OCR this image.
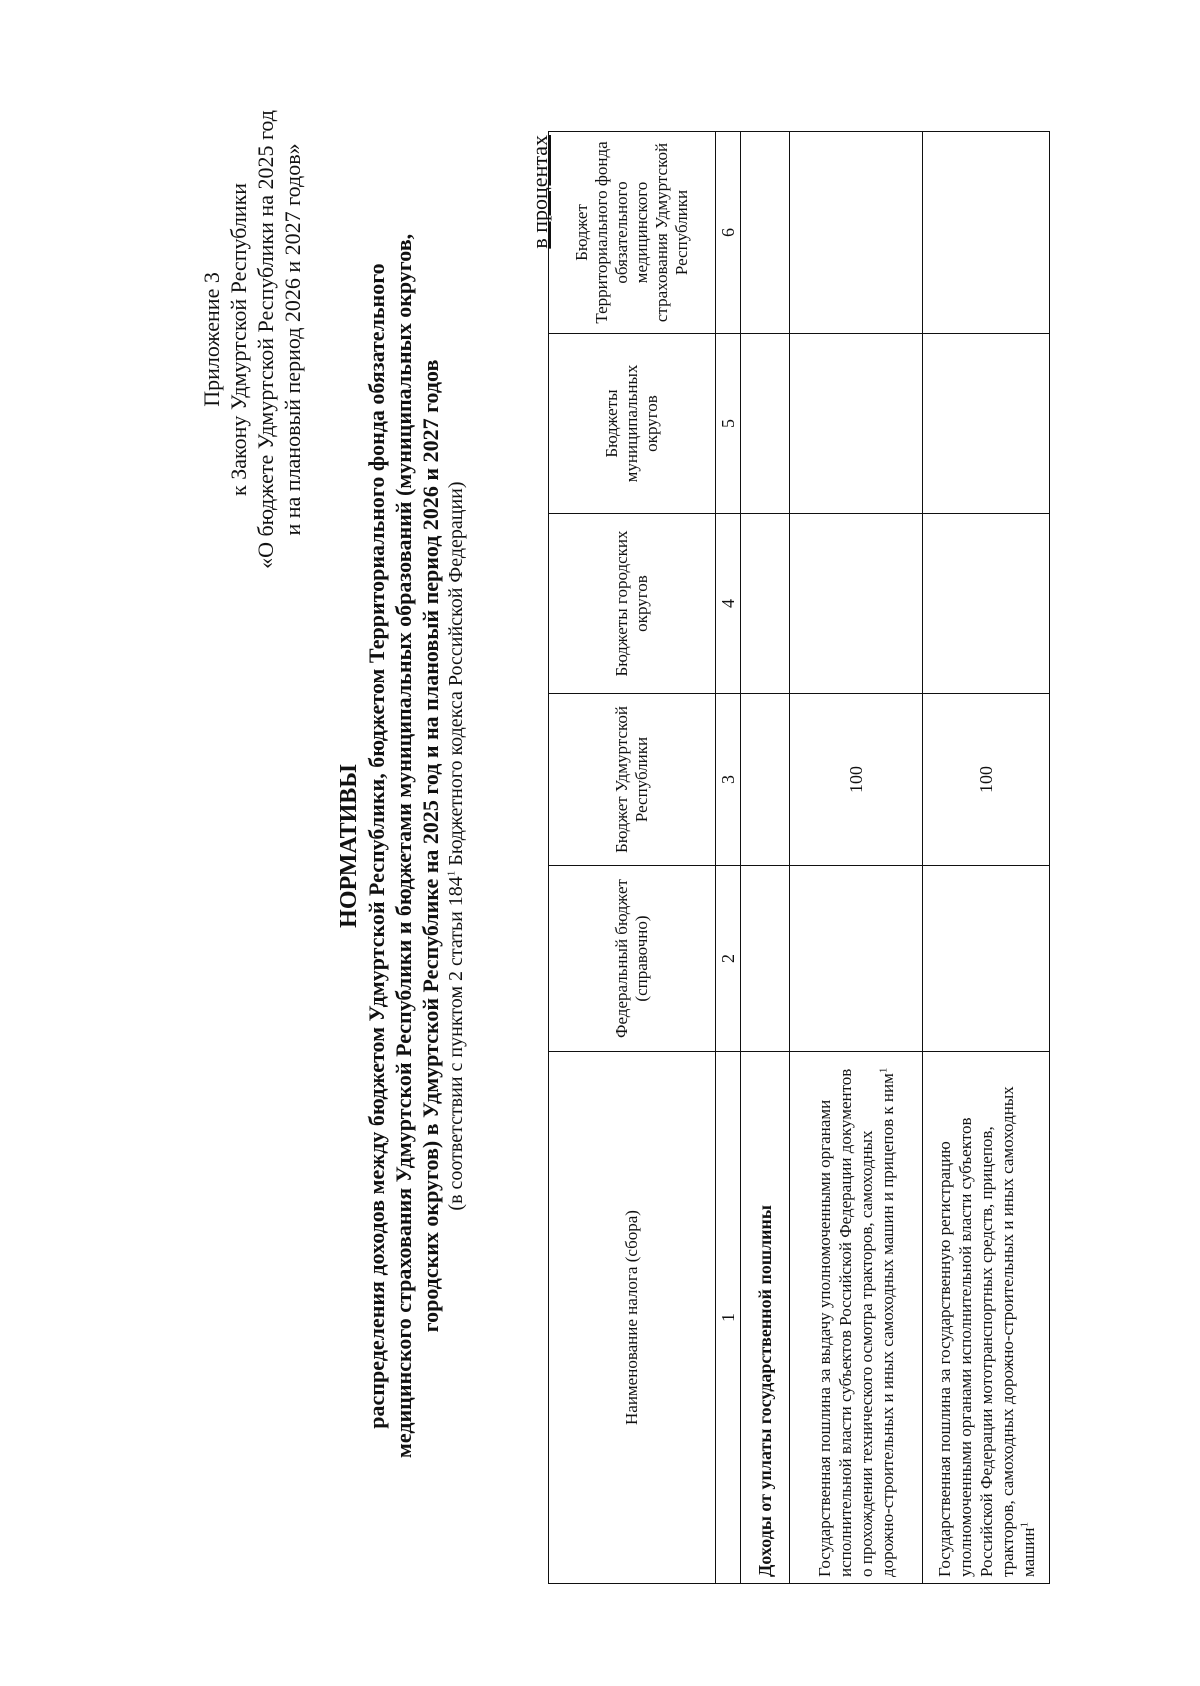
Приложение 3 к Закону Удмуртской Республики «О бюджете Удмуртской Республики на 2025 год и на плановый период 2026 и 2027 годов»
НОРМАТИВЫ распределения доходов между бюджетом Удмуртской Республики, бюджетом Территориального фонда обязательного медицинского страхования Удмуртской Республики и бюджетами муниципальных образований (муниципальных округов, городских округов) в Удмуртской Республике на 2025 год и на плановый период 2026 и 2027 годов (в соответствии с пунктом 2 статьи $184^1$ Бюджетного кодекса Российской Федерации)
в процентах
Наименование налога (сбора)	Федеральный бюджет (справочно)	Бюджет Удмуртской Республики	Бюджеты городских округов	Бюджеты муниципальных округов	Бюджет Территориального фонда обязательного медицинского страхования Удмуртской Республики
1	2	3	4	5	6
Доходы от уплаты государственной пошлины					
Государственная пошлина за выдачу уполномоченными органами исполнительной власти субъектов Российской Федерации документов о прохождении технического осмотра тракторов, самоходных дорожно-строительных и иных самоходных машин и прицепов к ним$^1$		100			
Государственная пошлина за государственную регистрацию уполномоченными органами исполнительной власти субъектов Российской Федерации мототранспортных средств, прицепов, тракторов, самоходных дорожно-строительных и иных самоходных машин$^1$		100			
